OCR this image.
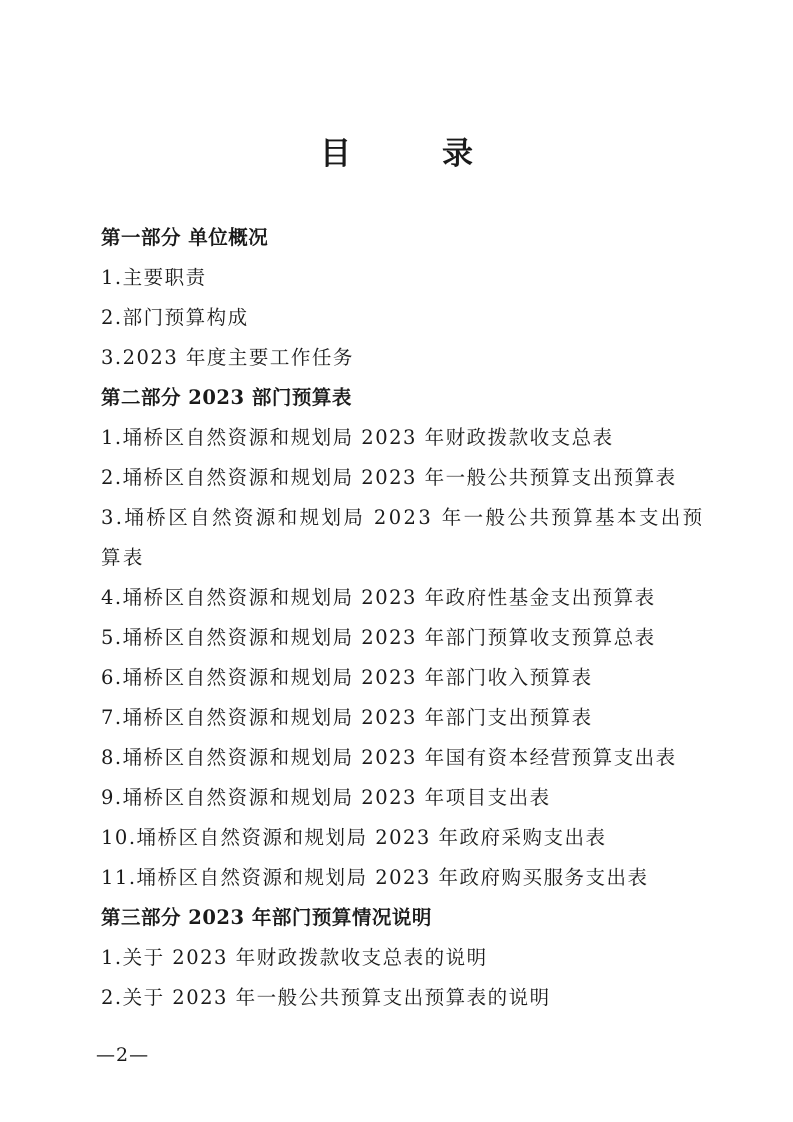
目　录
第一部分 单位概况
1.主要职责
2.部门预算构成
3.2023 年度主要工作任务
第二部分 2023 部门预算表
1.埇桥区自然资源和规划局 2023 年财政拨款收支总表
2.埇桥区自然资源和规划局 2023 年一般公共预算支出预算表
3.埇桥区自然资源和规划局 2023 年一般公共预算基本支出预算表
4.埇桥区自然资源和规划局 2023 年政府性基金支出预算表
5.埇桥区自然资源和规划局 2023 年部门预算收支预算总表
6.埇桥区自然资源和规划局 2023 年部门收入预算表
7.埇桥区自然资源和规划局 2023 年部门支出预算表
8.埇桥区自然资源和规划局 2023 年国有资本经营预算支出表
9.埇桥区自然资源和规划局 2023 年项目支出表
10.埇桥区自然资源和规划局 2023 年政府采购支出表
11.埇桥区自然资源和规划局 2023 年政府购买服务支出表
第三部分 2023 年部门预算情况说明
1.关于 2023 年财政拨款收支总表的说明
2.关于 2023 年一般公共预算支出预算表的说明
—2—
